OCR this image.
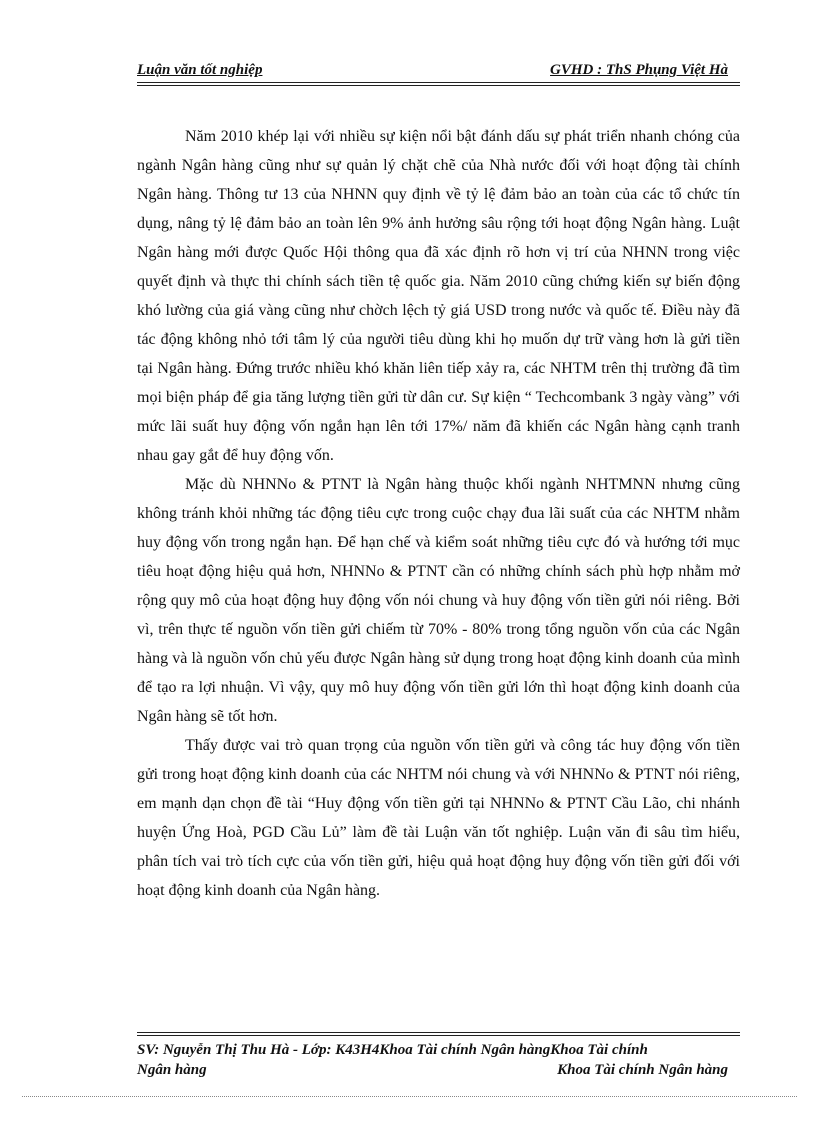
Luận văn tốt nghiệp	GVHD : ThS Phụng Việt Hà

Năm 2010 khép lại với nhiều sự kiện nổi bật đánh dấu sự phát triển nhanh chóng của ngành Ngân hàng cũng như sự quản lý chặt chẽ của Nhà nước đối với hoạt động tài chính Ngân hàng. Thông tư 13 của NHNN quy định về tỷ lệ đảm bảo an toàn của các tổ chức tín dụng, nâng tỷ lệ đảm bảo an toàn lên 9% ảnh hưởng sâu rộng tới hoạt động Ngân hàng. Luật Ngân hàng mới được Quốc Hội thông qua đã xác định rõ hơn vị trí của NHNN trong việc quyết định và thực thi chính sách tiền tệ quốc gia. Năm 2010 cũng chứng kiến sự biến động khó lường của giá vàng cũng như chờch lệch tỷ giá USD trong nước và quốc tế. Điều này đã tác động không nhỏ tới tâm lý của người tiêu dùng khi họ muốn dự trữ vàng hơn là gửi tiền tại Ngân hàng. Đứng trước nhiều khó khăn liên tiếp xảy ra, các NHTM trên thị trường đã tìm mọi biện pháp để gia tăng lượng tiền gửi từ dân cư. Sự kiện “ Techcombank 3 ngày vàng” với mức lãi suất huy động vốn ngắn hạn lên tới 17%/ năm đã khiến các Ngân hàng cạnh tranh nhau gay gắt để huy động vốn.

Mặc dù NHNNo & PTNT là Ngân hàng thuộc khối ngành NHTMNN nhưng cũng không tránh khỏi những tác động tiêu cực trong cuộc chạy đua lãi suất của các NHTM nhằm huy động vốn trong ngắn hạn. Để hạn chế và kiểm soát những tiêu cực đó và hướng tới mục tiêu hoạt động hiệu quả hơn, NHNNo & PTNT cần có những chính sách phù hợp nhằm mở rộng quy mô của hoạt động huy động vốn nói chung và huy động vốn tiền gửi nói riêng. Bởi vì, trên thực tế nguồn vốn tiền gửi chiếm từ 70% - 80% trong tổng nguồn vốn của các Ngân hàng và là nguồn vốn chủ yếu được Ngân hàng sử dụng trong hoạt động kinh doanh của mình để tạo ra lợi nhuận. Vì vậy, quy mô huy động vốn tiền gửi lớn thì hoạt động kinh doanh của Ngân hàng sẽ tốt hơn.

Thấy được vai trò quan trọng của nguồn vốn tiền gửi và công tác huy động vốn tiền gửi trong hoạt động kinh doanh của các NHTM nói chung và với NHNNo & PTNT nói riêng, em mạnh dạn chọn đề tài “Huy động vốn tiền gửi tại NHNNo & PTNT Cầu Lão, chi nhánh huyện Ứng Hoà, PGD Cầu Lủ” làm đề tài Luận văn tốt nghiệp. Luận văn đi sâu tìm hiểu, phân tích vai trò tích cực của vốn tiền gửi, hiệu quả hoạt động huy động vốn tiền gửi đối với hoạt động kinh doanh của Ngân hàng.

SV: Nguyễn Thị Thu Hà - Lớp: K43H4Khoa Tài chính Ngân hàngKhoa Tài chính
Ngân hàng	Khoa Tài chính Ngân hàng
